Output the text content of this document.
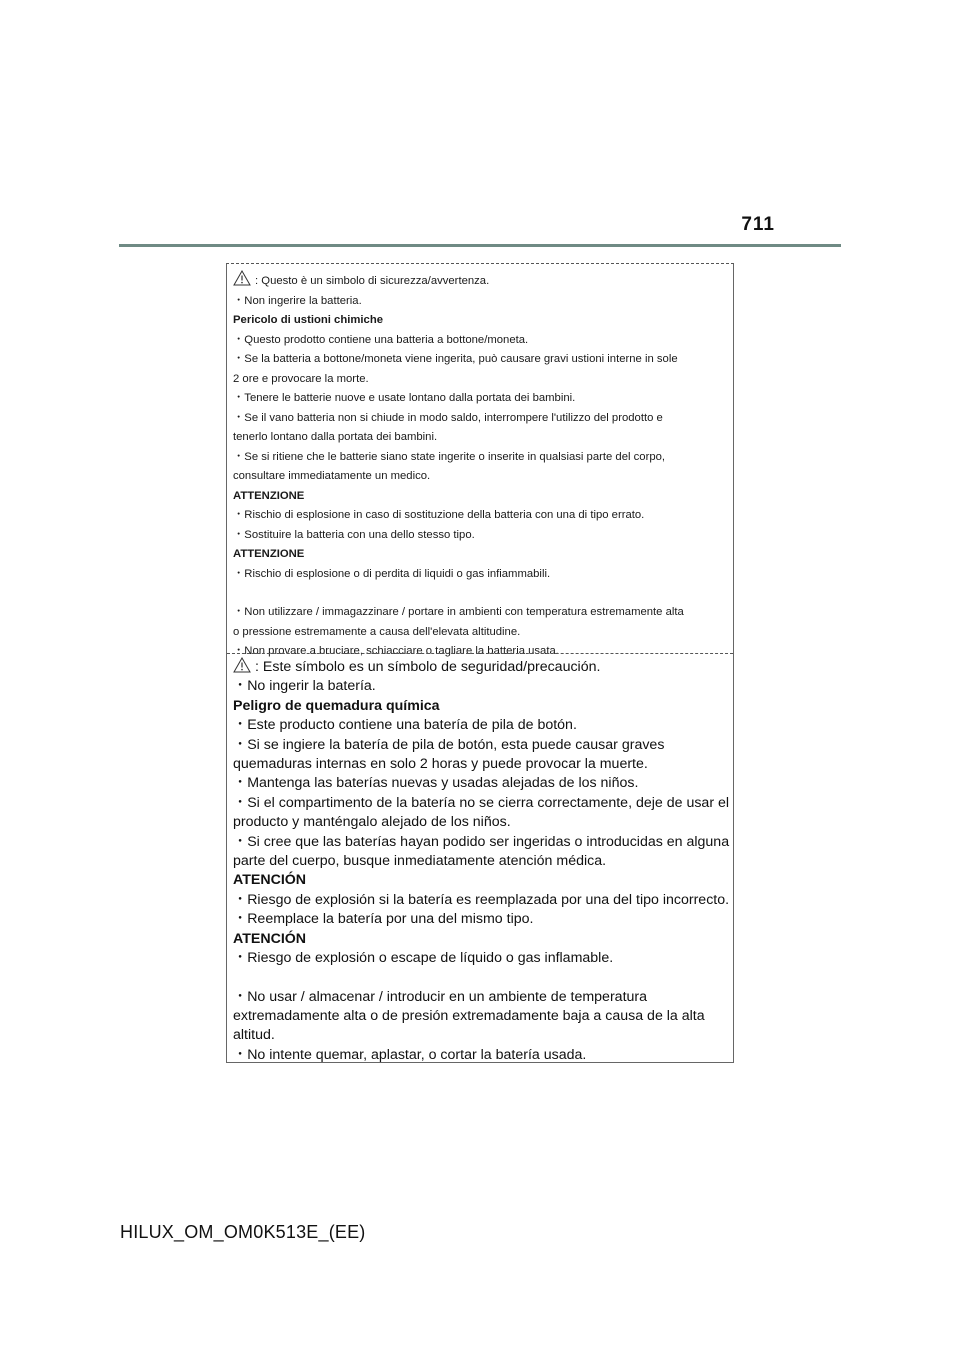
711
: Questo è un simbolo di sicurezza/avvertenza.
・Non ingerire la batteria.
Pericolo di ustioni chimiche
・Questo prodotto contiene una batteria a bottone/moneta.
・Se la batteria a bottone/moneta viene ingerita, può causare gravi ustioni interne in sole
2 ore e provocare la morte.
・Tenere le batterie nuove e usate lontano dalla portata dei bambini.
・Se il vano batteria non si chiude in modo saldo, interrompere l'utilizzo del prodotto e
tenerlo lontano dalla portata dei bambini.
・Se si ritiene che le batterie siano state ingerite o inserite in qualsiasi parte del corpo,
consultare immediatamente un medico.
ATTENZIONE
・Rischio di esplosione in caso di sostituzione della batteria con una di tipo errato.
・Sostituire la batteria con una dello stesso tipo.
ATTENZIONE
・Rischio di esplosione o di perdita di liquidi o gas infiammabili.
・Non utilizzare / immagazzinare / portare in ambienti con temperatura estremamente alta
o pressione estremamente a causa dell'elevata altitudine.
・Non provare a bruciare, schiacciare o tagliare la batteria usata.
: Este símbolo es un símbolo de seguridad/precaución.
・No ingerir la batería.
Peligro de quemadura química
・Este producto contiene una batería de pila de botón.
・Si se ingiere la batería de pila de botón, esta puede causar graves
quemaduras internas en solo 2 horas y puede provocar la muerte.
・Mantenga las baterías nuevas y usadas alejadas de los niños.
・Si el compartimento de la batería no se cierra correctamente, deje de usar el
producto y manténgalo alejado de los niños.
・Si cree que las baterías hayan podido ser ingeridas o introducidas en alguna
parte del cuerpo, busque inmediatamente atención médica.
ATENCIÓN
・Riesgo de explosión si la batería es reemplazada por una del tipo incorrecto.
・Reemplace la batería por una del mismo tipo.
ATENCIÓN
・Riesgo de explosión o escape de líquido o gas inflamable.
・No usar / almacenar / introducir en un ambiente de temperatura
extremadamente alta o de presión extremadamente baja a causa de la alta
altitud.
・No intente quemar, aplastar, o cortar la batería usada.
HILUX_OM_OM0K513E_(EE)
